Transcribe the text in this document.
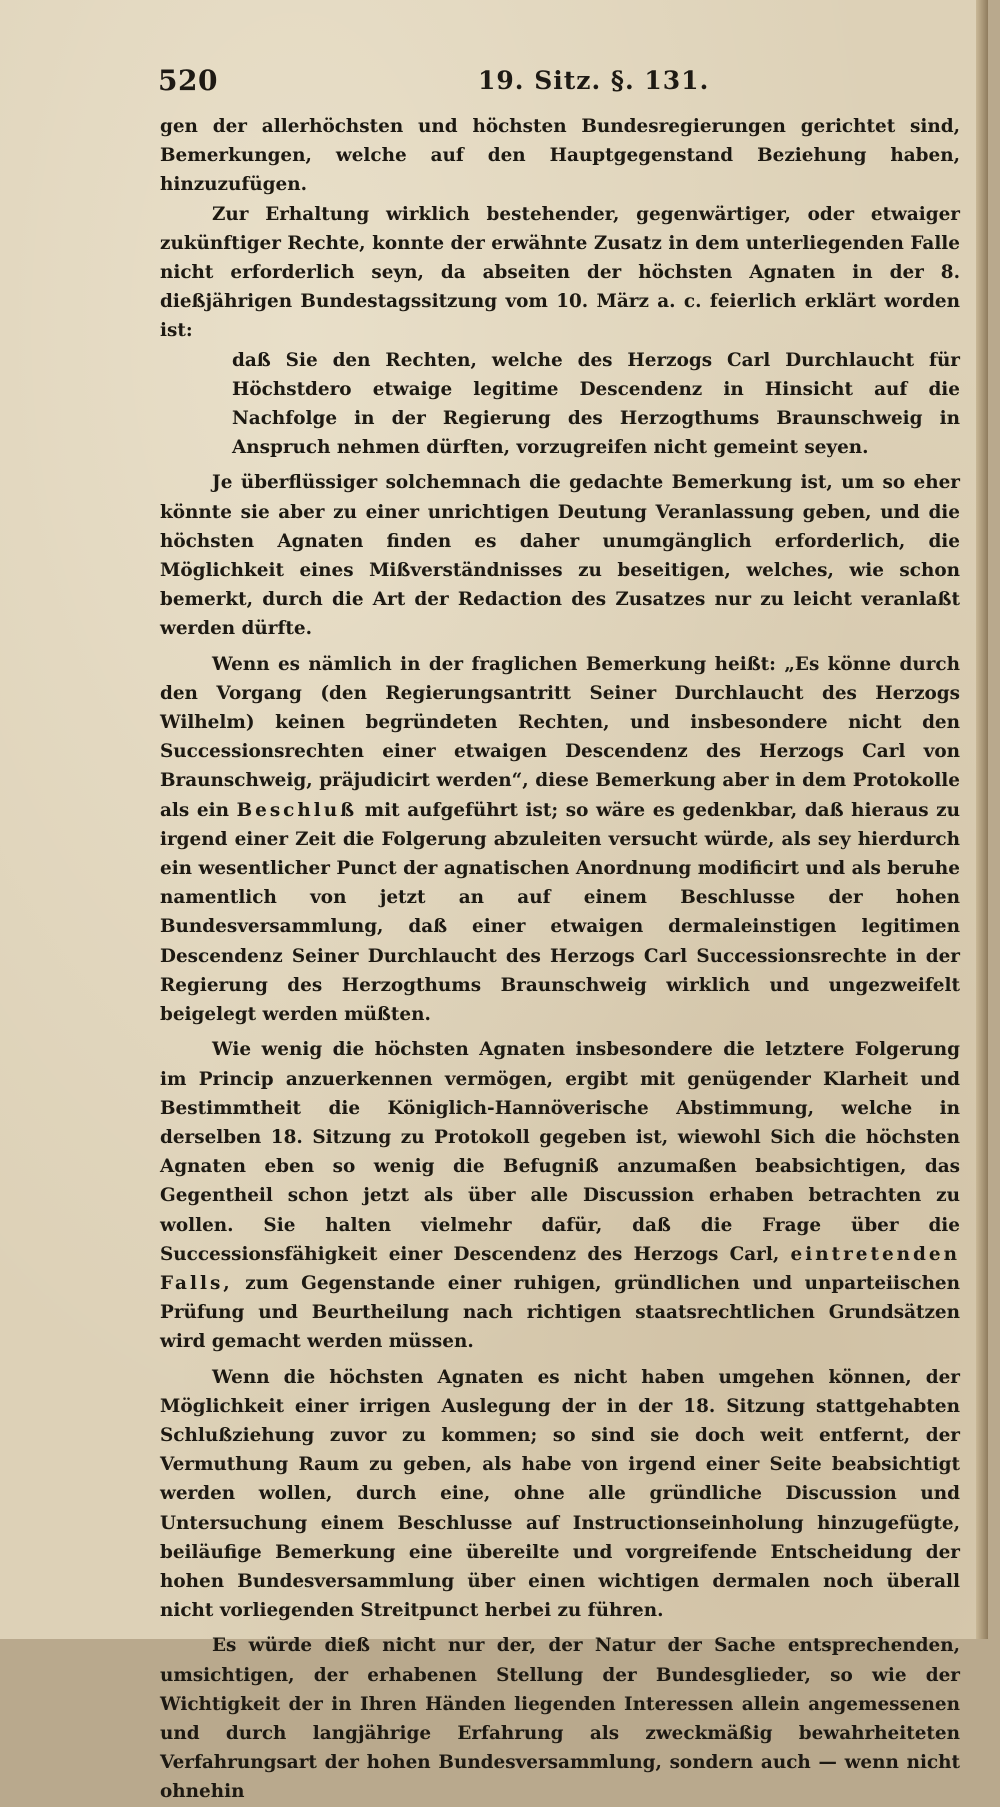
520	19. Sitz. §. 131.

gen der allerhöchsten und höchsten Bundesregierungen gerichtet sind, Bemerkungen, welche auf den Hauptgegenstand Beziehung haben, hinzuzufügen.

Zur Erhaltung wirklich bestehender, gegenwärtiger, oder etwaiger zukünftiger Rechte, konnte der erwähnte Zusatz in dem unterliegenden Falle nicht erforderlich seyn, da abseiten der höchsten Agnaten in der 8. dießjährigen Bundestagssitzung vom 10. März a. c. feierlich erklärt worden ist:

daß Sie den Rechten, welche des Herzogs Carl Durchlaucht für Höchstdero etwaige legitime Descendenz in Hinsicht auf die Nachfolge in der Regierung des Herzogthums Braunschweig in Anspruch nehmen dürften, vorzugreifen nicht gemeint seyen.

Je überflüssiger solchemnach die gedachte Bemerkung ist, um so eher könnte sie aber zu einer unrichtigen Deutung Veranlassung geben, und die höchsten Agnaten finden es daher unumgänglich erforderlich, die Möglichkeit eines Mißverständnisses zu beseitigen, welches, wie schon bemerkt, durch die Art der Redaction des Zusatzes nur zu leicht veranlaßt werden dürfte.

Wenn es nämlich in der fraglichen Bemerkung heißt: „Es könne durch den Vorgang (den Regierungsantritt Seiner Durchlaucht des Herzogs Wilhelm) keinen begründeten Rechten, und insbesondere nicht den Successionsrechten einer etwaigen Descendenz des Herzogs Carl von Braunschweig, präjudicirt werden“, diese Bemerkung aber in dem Protokolle als ein Beschluß mit aufgeführt ist; so wäre es gedenkbar, daß hieraus zu irgend einer Zeit die Folgerung abzuleiten versucht würde, als sey hierdurch ein wesentlicher Punct der agnatischen Anordnung modificirt und als beruhe namentlich von jetzt an auf einem Beschlusse der hohen Bundesversammlung, daß einer etwaigen dermaleinstigen legitimen Descendenz Seiner Durchlaucht des Herzogs Carl Successionsrechte in der Regierung des Herzogthums Braunschweig wirklich und ungezweifelt beigelegt werden müßten.

Wie wenig die höchsten Agnaten insbesondere die letztere Folgerung im Princip anzuerkennen vermögen, ergibt mit genügender Klarheit und Bestimmtheit die Königlich-Hannöverische Abstimmung, welche in derselben 18. Sitzung zu Protokoll gegeben ist, wiewohl Sich die höchsten Agnaten eben so wenig die Befugniß anzumaßen beabsichtigen, das Gegentheil schon jetzt als über alle Discussion erhaben betrachten zu wollen. Sie halten vielmehr dafür, daß die Frage über die Successionsfähigkeit einer Descendenz des Herzogs Carl, eintretenden Falls, zum Gegenstande einer ruhigen, gründlichen und unparteiischen Prüfung und Beurtheilung nach richtigen staatsrechtlichen Grundsätzen wird gemacht werden müssen.

Wenn die höchsten Agnaten es nicht haben umgehen können, der Möglichkeit einer irrigen Auslegung der in der 18. Sitzung stattgehabten Schlußziehung zuvor zu kommen; so sind sie doch weit entfernt, der Vermuthung Raum zu geben, als habe von irgend einer Seite beabsichtigt werden wollen, durch eine, ohne alle gründliche Discussion und Untersuchung einem Beschlusse auf Instructionseinholung hinzugefügte, beiläufige Bemerkung eine übereilte und vorgreifende Entscheidung der hohen Bundesversammlung über einen wichtigen dermalen noch überall nicht vorliegenden Streitpunct herbei zu führen.

Es würde dieß nicht nur der, der Natur der Sache entsprechenden, umsichtigen, der erhabenen Stellung der Bundesglieder, so wie der Wichtigkeit der in Ihren Händen liegenden Interessen allein angemessenen und durch langjährige Erfahrung als zweckmäßig bewahrheiteten Verfahrungsart der hohen Bundesversammlung, sondern auch — wenn nicht ohnehin
